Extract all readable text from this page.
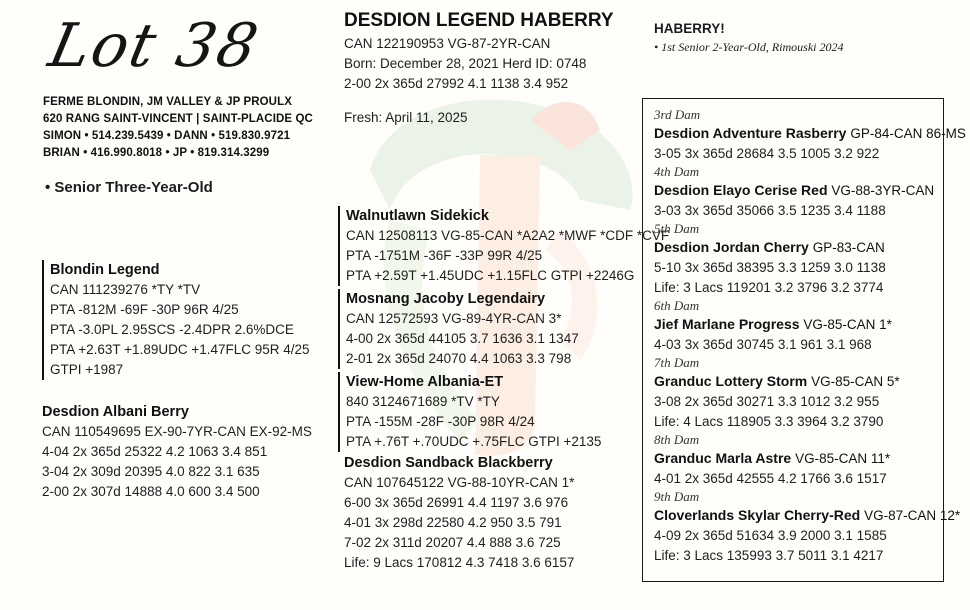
Lot 38
FERME BLONDIN, JM VALLEY & JP PROULX
620 RANG SAINT-VINCENT | SAINT-PLACIDE QC
SIMON • 514.239.5439 • DANN • 519.830.9721
BRIAN • 416.990.8018 • JP • 819.314.3299
• Senior Three-Year-Old
Blondin Legend
CAN 111239276 *TY *TV
PTA -812M -69F -30P 96R 4/25
PTA -3.0PL 2.95SCS -2.4DPR 2.6%DCE
PTA +2.63T +1.89UDC +1.47FLC 95R 4/25
GTPI +1987
Desdion Albani Berry
CAN 110549695 EX-90-7YR-CAN EX-92-MS
4-04 2x 365d 25322 4.2 1063 3.4 851
3-04 2x 309d 20395 4.0 822 3.1 635
2-00 2x 307d 14888 4.0 600 3.4 500
DESDION LEGEND HABERRY
CAN 122190953 VG-87-2YR-CAN
Born: December 28, 2021 Herd ID: 0748
2-00 2x 365d 27992 4.1 1138 3.4 952
Fresh: April 11, 2025
Walnutlawn Sidekick
CAN 12508113 VG-85-CAN *A2A2 *MWF *CDF *CVF
PTA -1751M -36F -33P 99R 4/25
PTA +2.59T +1.45UDC +1.15FLC GTPI +2246G
Mosnang Jacoby Legendairy
CAN 12572593 VG-89-4YR-CAN 3*
4-00 2x 365d 44105 3.7 1636 3.1 1347
2-01 2x 365d 24070 4.4 1063 3.3 798
View-Home Albania-ET
840 3124671689 *TV *TY
PTA -155M -28F -30P 98R 4/24
PTA +.76T +.70UDC +.75FLC GTPI +2135
Desdion Sandback Blackberry
CAN 107645122 VG-88-10YR-CAN 1*
6-00 3x 365d 26991 4.4 1197 3.6 976
4-01 3x 298d 22580 4.2 950 3.5 791
7-02 2x 311d 20207 4.4 888 3.6 725
Life: 9 Lacs 170812 4.3 7418 3.6 6157
HABERRY!
• 1st Senior 2-Year-Old, Rimouski 2024
3rd Dam
Desdion Adventure Rasberry GP-84-CAN 86-MS
3-05 3x 365d 28684 3.5 1005 3.2 922
4th Dam
Desdion Elayo Cerise Red VG-88-3YR-CAN
3-03 3x 365d 35066 3.5 1235 3.4 1188
5th Dam
Desdion Jordan Cherry GP-83-CAN
5-10 3x 365d 38395 3.3 1259 3.0 1138
Life: 3 Lacs 119201 3.2 3796 3.2 3774
6th Dam
Jief Marlane Progress VG-85-CAN 1*
4-03 3x 365d 30745 3.1 961 3.1 968
7th Dam
Granduc Lottery Storm VG-85-CAN 5*
3-08 2x 365d 30271 3.3 1012 3.2 955
Life: 4 Lacs 118905 3.3 3964 3.2 3790
8th Dam
Granduc Marla Astre VG-85-CAN 11*
4-01 2x 365d 42555 4.2 1766 3.6 1517
9th Dam
Cloverlands Skylar Cherry-Red VG-87-CAN 12*
4-09 2x 365d 51634 3.9 2000 3.1 1585
Life: 3 Lacs 135993 3.7 5011 3.1 4217
